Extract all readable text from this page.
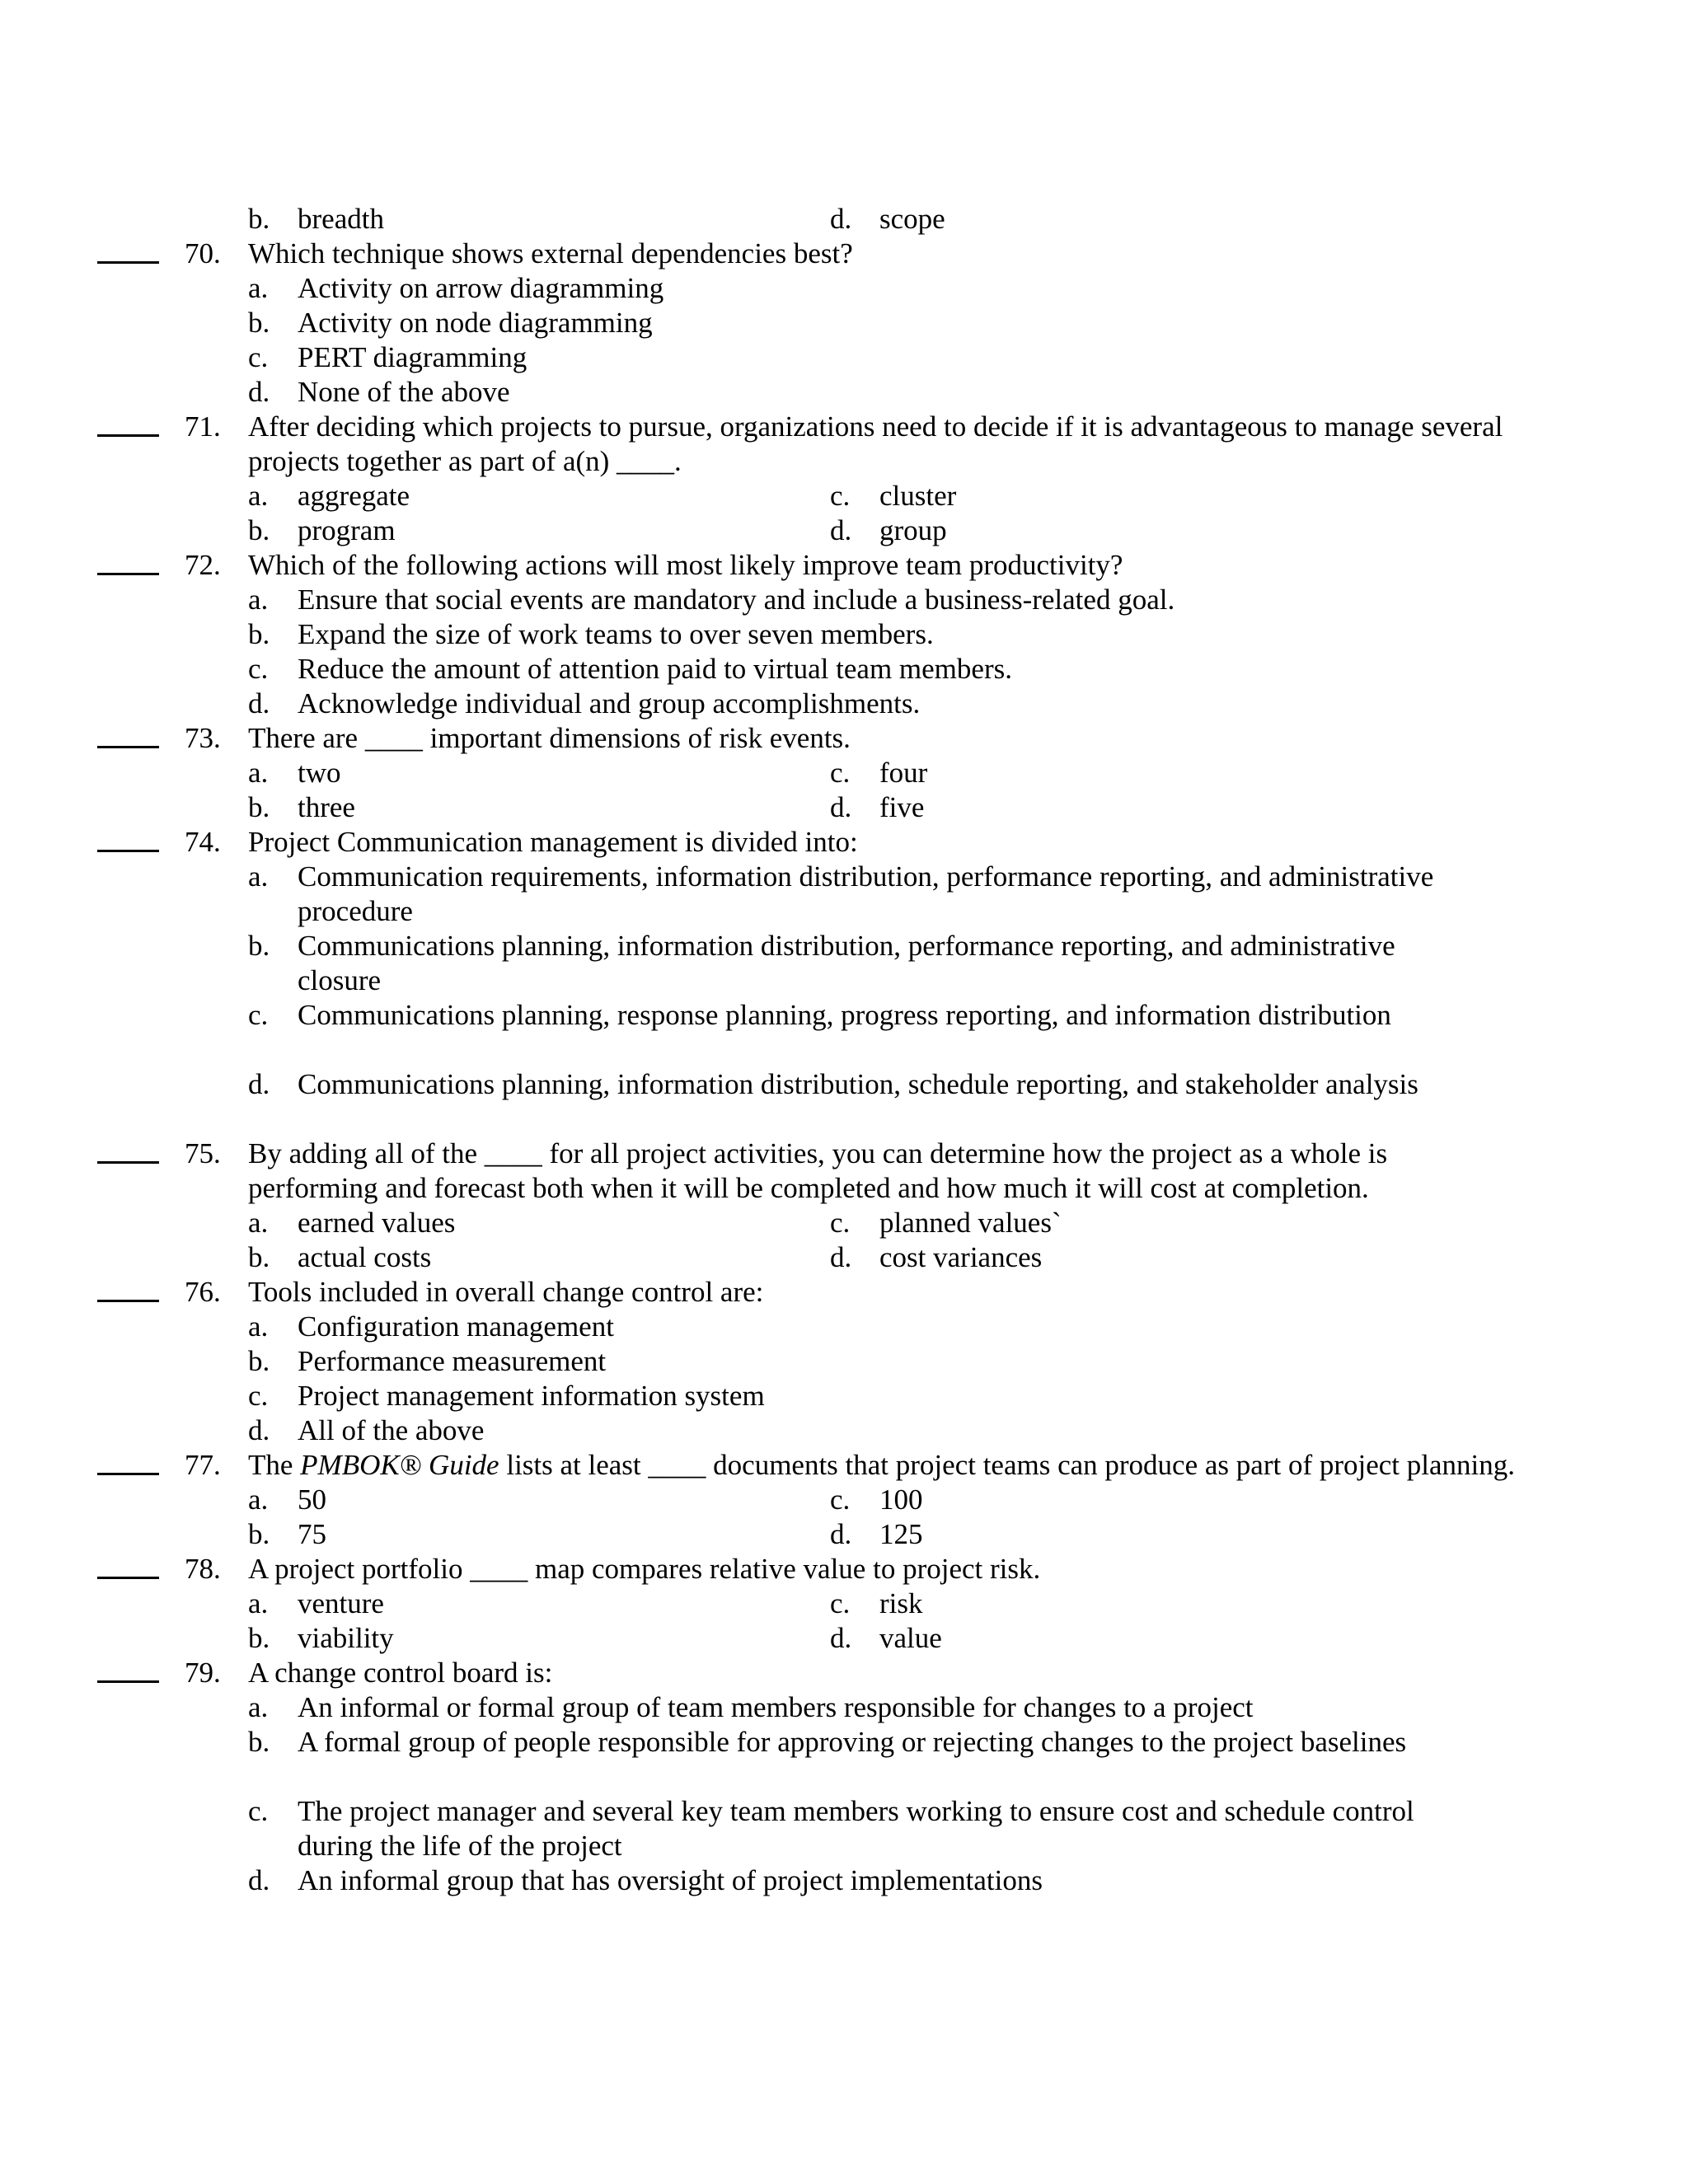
b. breadth	d. scope
70. Which technique shows external dependencies best?
a. Activity on arrow diagramming
b. Activity on node diagramming
c. PERT diagramming
d. None of the above
71. After deciding which projects to pursue, organizations need to decide if it is advantageous to manage several projects together as part of a(n) ____.
a. aggregate	c. cluster
b. program	d. group
72. Which of the following actions will most likely improve team productivity?
a. Ensure that social events are mandatory and include a business-related goal.
b. Expand the size of work teams to over seven members.
c. Reduce the amount of attention paid to virtual team members.
d. Acknowledge individual and group accomplishments.
73. There are ____ important dimensions of risk events.
a. two	c. four
b. three	d. five
74. Project Communication management is divided into:
a. Communication requirements, information distribution, performance reporting, and administrative procedure
b. Communications planning, information distribution, performance reporting, and administrative closure
c. Communications planning, response planning, progress reporting, and information distribution
d. Communications planning, information distribution, schedule reporting, and stakeholder analysis
75. By adding all of the ____ for all project activities, you can determine how the project as a whole is performing and forecast both when it will be completed and how much it will cost at completion.
a. earned values	c. planned values`
b. actual costs	d. cost variances
76. Tools included in overall change control are:
a. Configuration management
b. Performance measurement
c. Project management information system
d. All of the above
77. The PMBOK® Guide lists at least ____ documents that project teams can produce as part of project planning.
a. 50	c. 100
b. 75	d. 125
78. A project portfolio ____ map compares relative value to project risk.
a. venture	c. risk
b. viability	d. value
79. A change control board is:
a. An informal or formal group of team members responsible for changes to a project
b. A formal group of people responsible for approving or rejecting changes to the project baselines
c. The project manager and several key team members working to ensure cost and schedule control during the life of the project
d. An informal group that has oversight of project implementations
